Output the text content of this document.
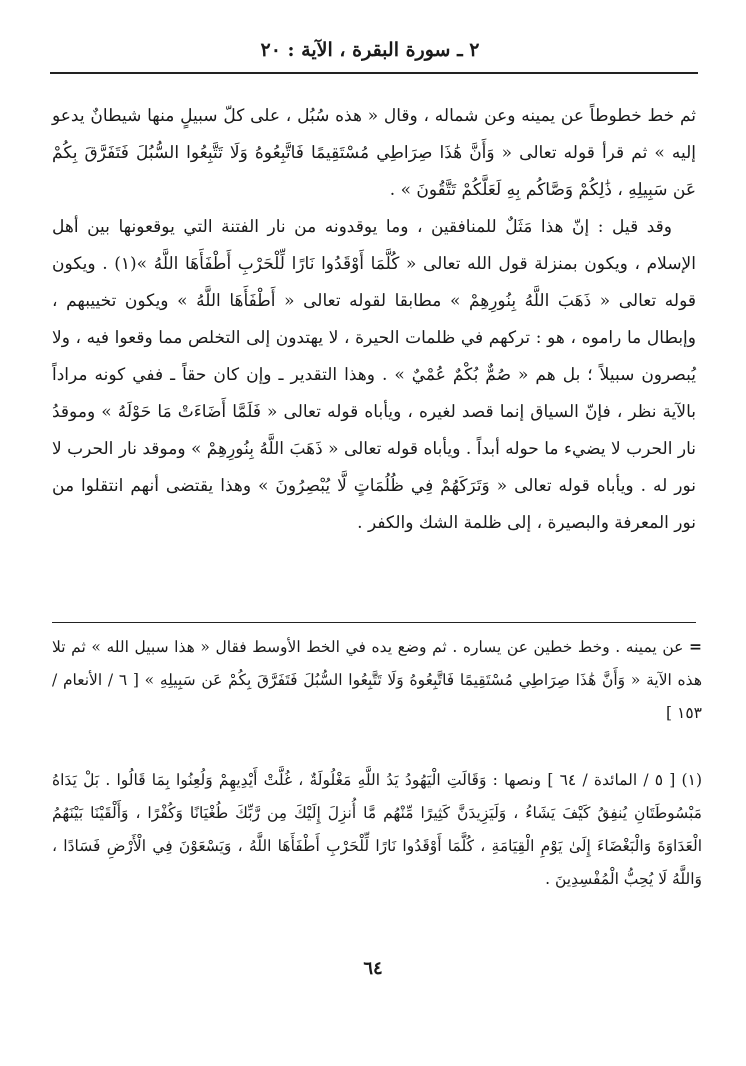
٢ ـ سورة البقرة ، الآية : ٢٠

ثم خط خطوطاً عن يمينه وعن شماله ، وقال « هذه سُبُل ، على كلّ سبيلٍ منها شيطانٌ يدعو إليه » ثم قرأ قوله تعالى « وَأَنَّ هَٰذَا صِرَاطِي مُسْتَقِيمًا فَاتَّبِعُوهُ وَلَا تَتَّبِعُوا السُّبُلَ فَتَفَرَّقَ بِكُمْ عَن سَبِيلِهِ ، ذَٰلِكُمْ وَصَّاكُم بِهِ لَعَلَّكُمْ تَتَّقُونَ » .

وقد قيل : إنّ هذا مَثَلٌ للمنافقين ، وما يوقدونه من نار الفتنة التي يوقعونها بين أهل الإسلام ، ويكون بمنزلة قول الله تعالى « كُلَّمَا أَوْقَدُوا نَارًا لِّلْحَرْبِ أَطْفَأَهَا اللَّهُ »(١) . ويكون قوله تعالى « ذَهَبَ اللَّهُ بِنُورِهِمْ » مطابقا لقوله تعالى « أَطْفَأَهَا اللَّهُ » ويكون تخييبهم ، وإبطال ما راموه ، هو : تركهم في ظلمات الحيرة ، لا يهتدون إلى التخلص مما وقعوا فيه ، ولا يُبصرون سبيلاً ؛ بل هم « صُمٌّ بُكْمٌ عُمْيٌ » . وهذا التقدير ـ وإن كان حقاً ـ ففي كونه مراداً بالآية نظر ، فإنّ السياق إنما قصد لغيره ، ويأباه قوله تعالى « فَلَمَّا أَضَاءَتْ مَا حَوْلَهُ » وموقدُ نار الحرب لا يضيء ما حوله أبداً . ويأباه قوله تعالى « ذَهَبَ اللَّهُ بِنُورِهِمْ » وموقد نار الحرب لا نور له . ويأباه قوله تعالى « وَتَرَكَهُمْ فِي ظُلُمَاتٍ لَّا يُبْصِرُونَ » وهذا يقتضى أنهم انتقلوا من نور المعرفة والبصيرة ، إلى ظلمة الشك والكفر .

= عن يمينه . وخط خطين عن يساره . ثم وضع يده في الخط الأوسط فقال « هذا سبيل الله » ثم تلا هذه الآية « وَأَنَّ هَٰذَا صِرَاطِي مُسْتَقِيمًا فَاتَّبِعُوهُ وَلَا تَتَّبِعُوا السُّبُلَ فَتَفَرَّقَ بِكُمْ عَن سَبِيلِهِ » [ ٦ / الأنعام / ١٥٣ ]

(١) [ ٥ / المائدة / ٦٤ ] ونصها : وَقَالَتِ الْيَهُودُ يَدُ اللَّهِ مَغْلُولَةٌ ، غُلَّتْ أَيْدِيهِمْ وَلُعِنُوا بِمَا قَالُوا . بَلْ يَدَاهُ مَبْسُوطَتَانِ يُنفِقُ كَيْفَ يَشَاءُ ، وَلَيَزِيدَنَّ كَثِيرًا مِّنْهُم مَّا أُنزِلَ إِلَيْكَ مِن رَّبِّكَ طُغْيَانًا وَكُفْرًا ، وَأَلْقَيْنَا بَيْنَهُمُ الْعَدَاوَةَ وَالْبَغْضَاءَ إِلَىٰ يَوْمِ الْقِيَامَةِ ، كُلَّمَا أَوْقَدُوا نَارًا لِّلْحَرْبِ أَطْفَأَهَا اللَّهُ ، وَيَسْعَوْنَ فِي الْأَرْضِ فَسَادًا ، وَاللَّهُ لَا يُحِبُّ الْمُفْسِدِينَ .

٦٤
